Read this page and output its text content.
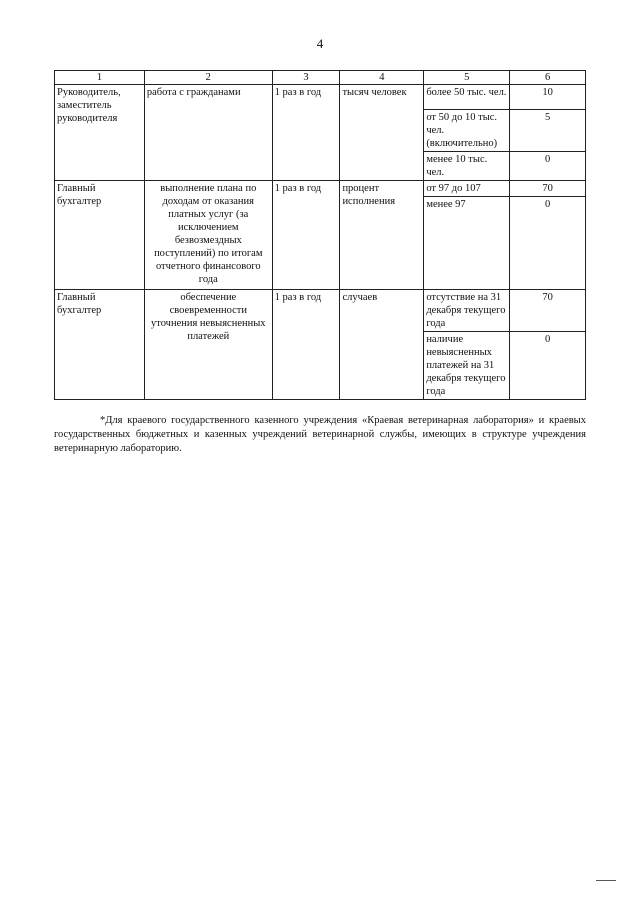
4
1	2	3	4	5	6
Руководитель, заместитель руководителя	работа с гражданами	1 раз в год	тысяч человек	более 50 тыс. чел.	10
				от 50 до 10 тыс. чел. (включительно)	5
				менее 10 тыс. чел.	0
Главный бухгалтер	выполнение плана по доходам от оказания платных услуг (за исключением безвозмездных поступлений) по итогам отчетного финансового года	1 раз в год	процент исполнения	от 97 до 107	70
				менее 97	0
Главный бухгалтер	обеспечение своевременности уточнения невыясненных платежей	1 раз в год	случаев	отсутствие на 31 декабря текущего года	70
				наличие невыясненных платежей на 31 декабря текущего года	0
*Для краевого государственного казенного учреждения «Краевая ветеринарная лаборатория» и краевых государственных бюджетных и казенных учреждений ветеринарной службы, имеющих в структуре учреждения ветеринарную лабораторию.
